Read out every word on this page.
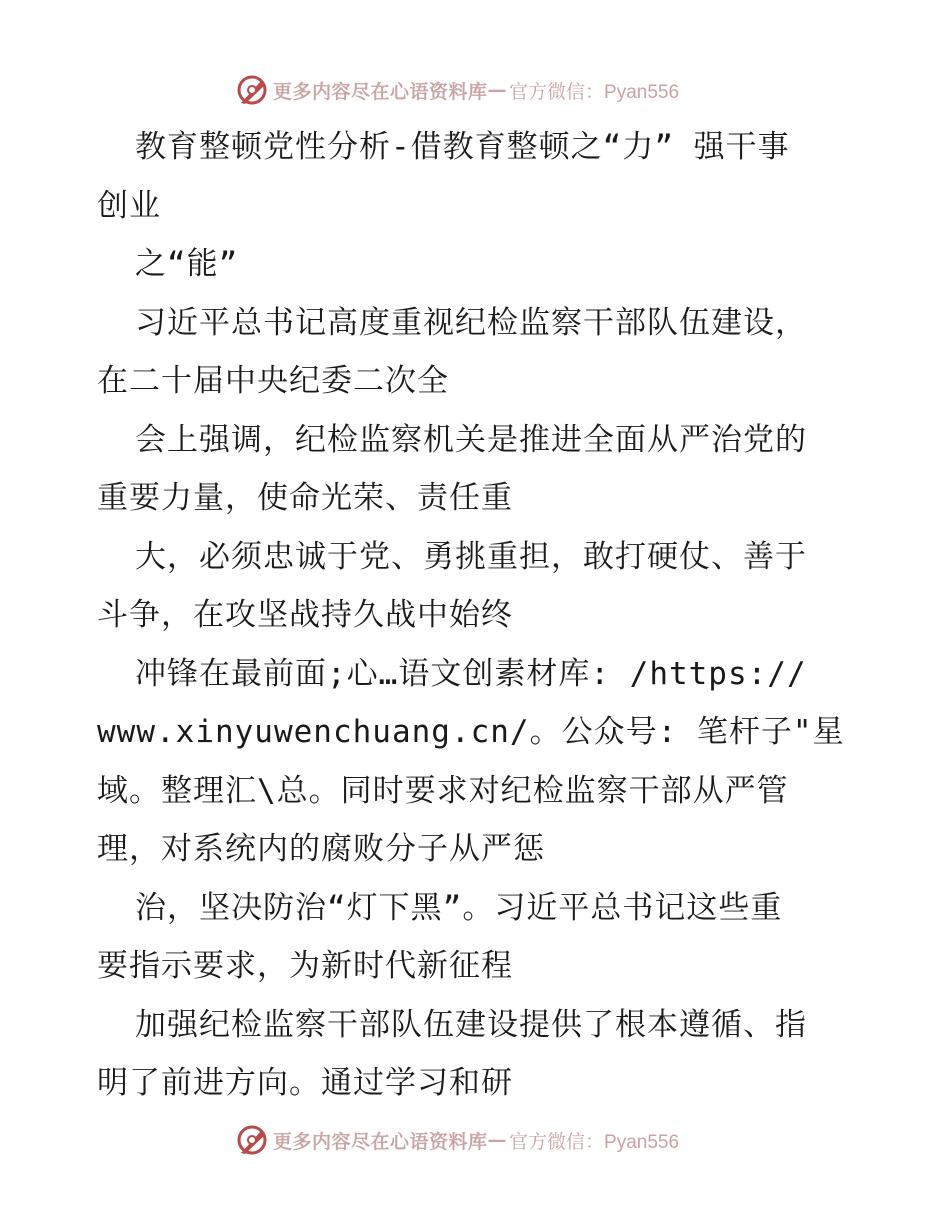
更多内容尽在心语资料库 — 官方微信：Pyan556
教育整顿党性分析-借教育整顿之“力” 强干事
创业
之“能”
习近平总书记高度重视纪检监察干部队伍建设，
在二十届中央纪委二次全
会上强调，纪检监察机关是推进全面从严治党的
重要力量，使命光荣、责任重
大，必须忠诚于党、勇挑重担，敢打硬仗、善于
斗争，在攻坚战持久战中始终
冲锋在最前面;心…语文创素材库: /https://
www.xinyuwenchuang.cn/。公众号: 笔杆子"星
域。整理汇\总。同时要求对纪检监察干部从严管
理，对系统内的腐败分子从严惩
治，坚决防治“灯下黑”。习近平总书记这些重
要指示要求，为新时代新征程
加强纪检监察干部队伍建设提供了根本遵循、指
明了前进方向。通过学习和研
更多内容尽在心语资料库 — 官方微信：Pyan556
